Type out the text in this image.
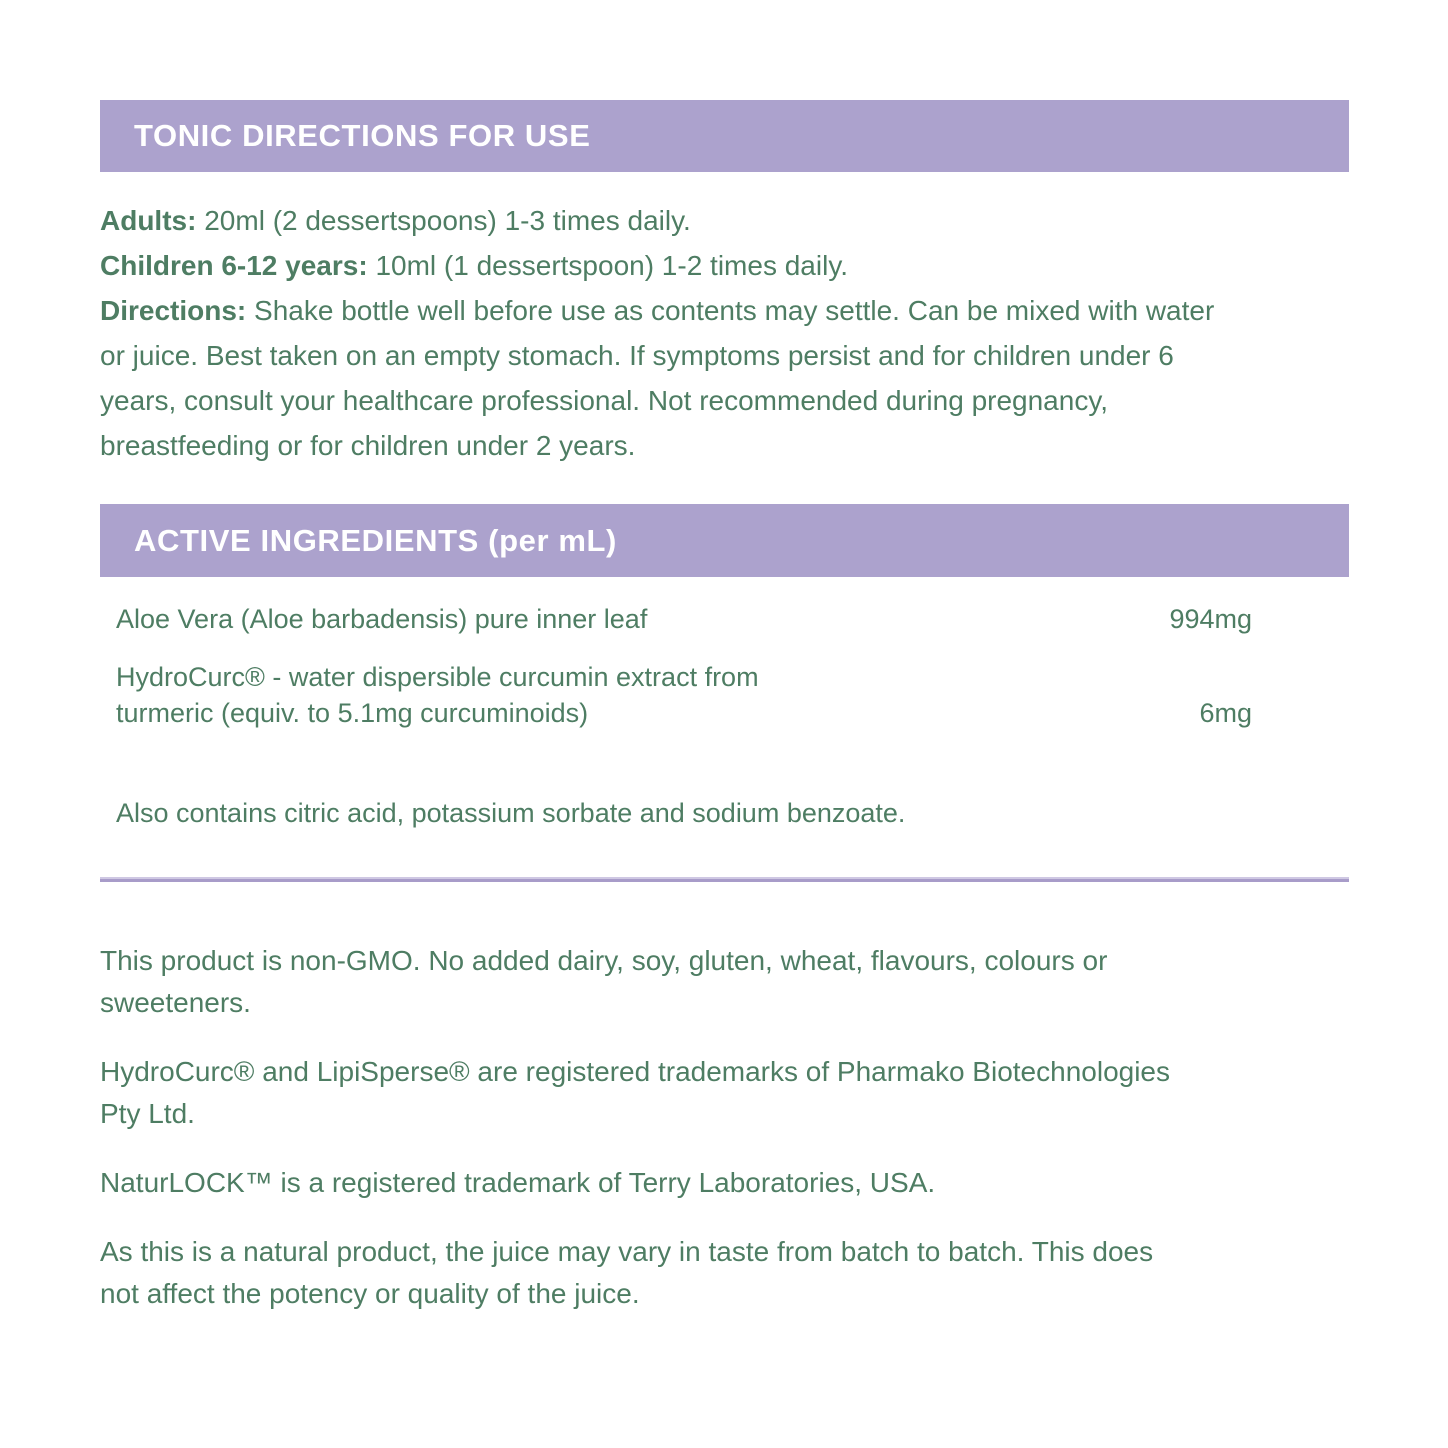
TONIC DIRECTIONS FOR USE

Adults: 20ml (2 dessertspoons) 1-3 times daily.

Children 6-12 years: 10ml (1 dessertspoon) 1-2 times daily.

Directions: Shake bottle well before use as contents may settle. Can be mixed with water or juice. Best taken on an empty stomach. If symptoms persist and for children under 6 years, consult your healthcare professional. Not recommended during pregnancy, breastfeeding or for children under 2 years.

ACTIVE INGREDIENTS (per mL)
Aloe Vera (Aloe barbadensis) pure inner leaf	994mg
HydroCurc® - water dispersible curcumin extract from turmeric (equiv. to 5.1mg curcuminoids)	6mg

Also contains citric acid, potassium sorbate and sodium benzoate.

This product is non-GMO. No added dairy, soy, gluten, wheat, flavours, colours or sweeteners.

HydroCurc® and LipiSperse® are registered trademarks of Pharmako Biotechnologies Pty Ltd.

NaturLOCK™ is a registered trademark of Terry Laboratories, USA.

As this is a natural product, the juice may vary in taste from batch to batch. This does not affect the potency or quality of the juice.
